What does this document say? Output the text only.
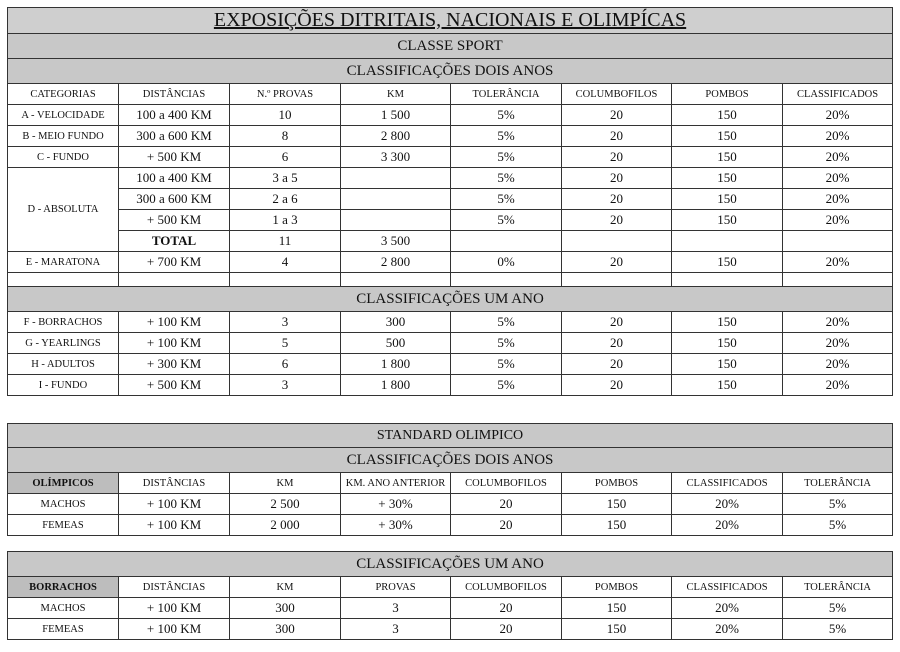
EXPOSIÇÕES DITRITAIS, NACIONAIS E OLIMPÍCAS							
CLASSE SPORT							
CLASSIFICAÇÕES DOIS ANOS							
CATEGORIAS	DISTÂNCIAS	N.º PROVAS	KM	TOLERÂNCIA	COLUMBOFILOS	POMBOS	CLASSIFICADOS
A - VELOCIDADE	100 a 400 KM	10	1 500	5%	20	150	20%
B - MEIO FUNDO	300 a 600 KM	8	2 800	5%	20	150	20%
C - FUNDO	+ 500 KM	6	3 300	5%	20	150	20%
D - ABSOLUTA	100 a 400 KM	3 a 5		5%	20	150	20%
	300 a 600 KM	2 a 6		5%	20	150	20%
	+ 500 KM	1 a 3		5%	20	150	20%
	TOTAL	11	3 500				
E - MARATONA	+ 700 KM	4	2 800	0%	20	150	20%

CLASSIFICAÇÕES UM ANO							
F - BORRACHOS	+ 100 KM	3	300	5%	20	150	20%
G - YEARLINGS	+ 100 KM	5	500	5%	20	150	20%
H - ADULTOS	+ 300 KM	6	1 800	5%	20	150	20%
I - FUNDO	+ 500 KM	3	1 800	5%	20	150	20%
STANDARD OLIMPICO							
CLASSIFICAÇÕES DOIS ANOS							
OLÍMPICOS	DISTÂNCIAS	KM	KM. ANO ANTERIOR	COLUMBOFILOS	POMBOS	CLASSIFICADOS	TOLERÂNCIA
MACHOS	+ 100 KM	2 500	+ 30%	20	150	20%	5%
FEMEAS	+ 100 KM	2 000	+ 30%	20	150	20%	5%
CLASSIFICAÇÕES UM ANO							
BORRACHOS	DISTÂNCIAS	KM	PROVAS	COLUMBOFILOS	POMBOS	CLASSIFICADOS	TOLERÂNCIA
MACHOS	+ 100 KM	300	3	20	150	20%	5%
FEMEAS	+ 100 KM	300	3	20	150	20%	5%
